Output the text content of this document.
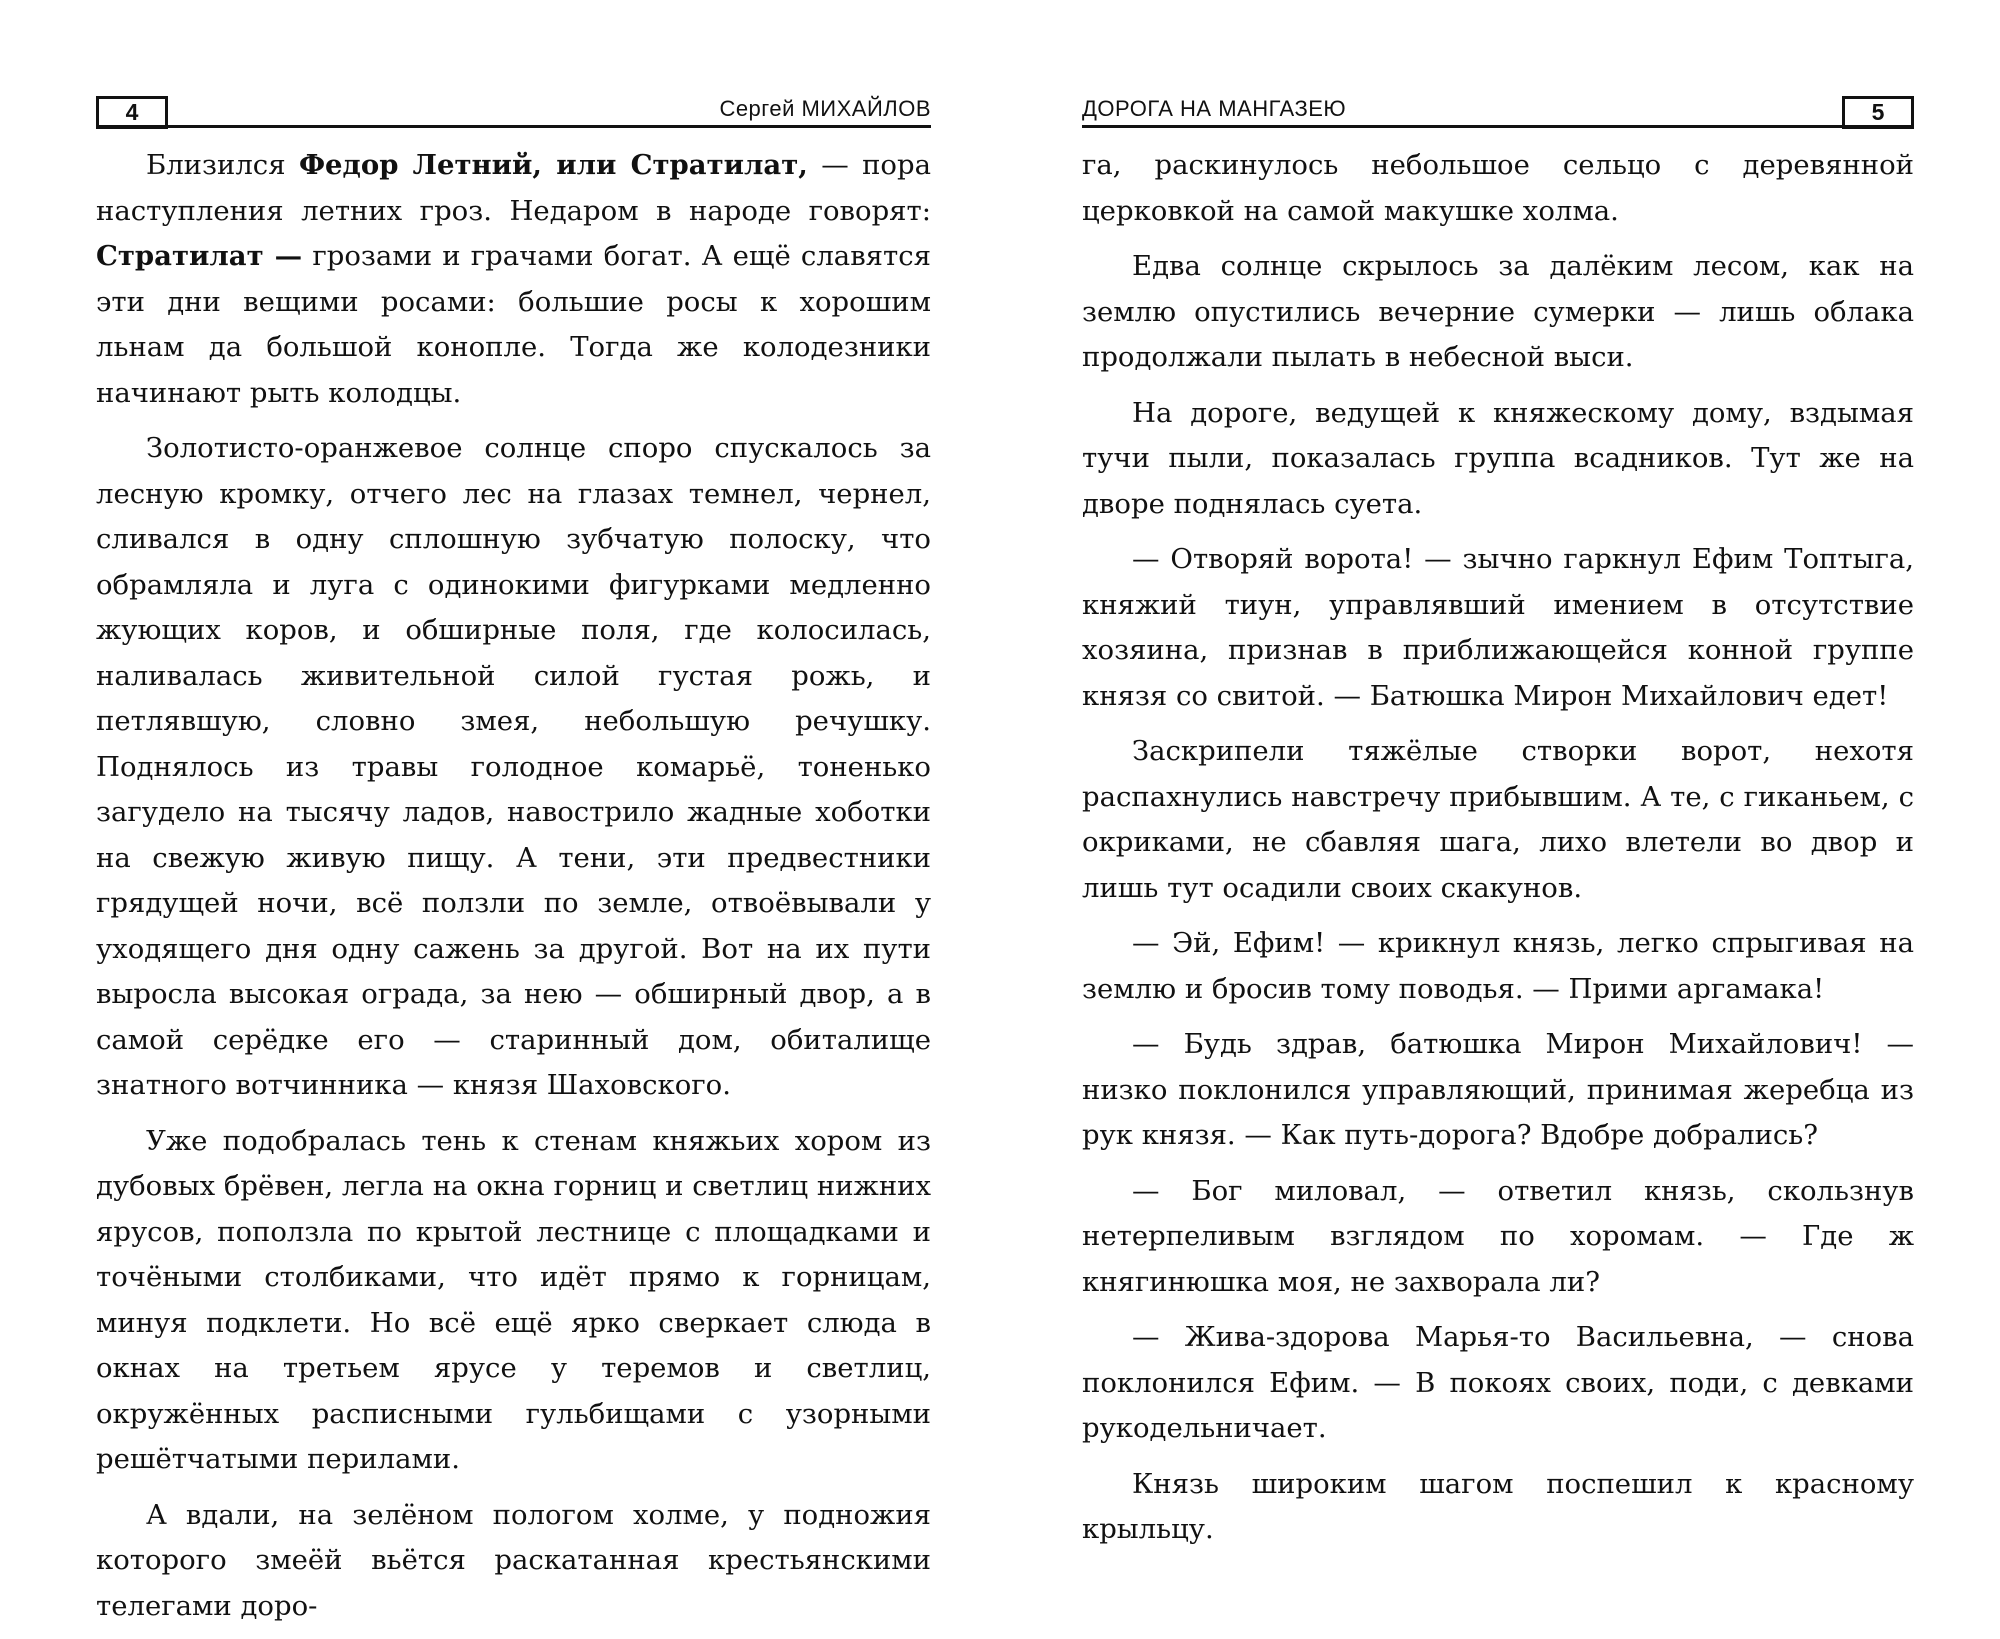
4	Сергей МИХАЙЛОВ

Близился Федор Летний, или Стратилат, — пора наступления летних гроз. Недаром в народе говорят: Стратилат — грозами и грачами богат. А ещё славятся эти дни вещими росами: большие росы к хорошим льнам да большой конопле. Тогда же колодезники начинают рыть колодцы.

Золотисто-оранжевое солнце споро спускалось за лесную кромку, отчего лес на глазах темнел, чернел, сливался в одну сплошную зубчатую полоску, что обрамляла и луга с одинокими фигурками медленно жующих коров, и обширные поля, где колосилась, наливалась живительной силой густая рожь, и петлявшую, словно змея, небольшую речушку. Поднялось из травы голодное комарьё, тоненько загудело на тысячу ладов, навострило жадные хоботки на свежую живую пищу. А тени, эти предвестники грядущей ночи, всё ползли по земле, отвоёвывали у уходящего дня одну сажень за другой. Вот на их пути выросла высокая ограда, за нею — обширный двор, а в самой серёдке его — старинный дом, обиталище знатного вотчинника — князя Шаховского.

Уже подобралась тень к стенам княжьих хором из дубовых брёвен, легла на окна горниц и светлиц нижних ярусов, поползла по крытой лестнице с площадками и точёными столбиками, что идёт прямо к горницам, минуя подклети. Но всё ещё ярко сверкает слюда в окнах на третьем ярусе у теремов и светлиц, окружённых расписными гульбищами с узорными решётчатыми перилами.

А вдали, на зелёном пологом холме, у подножия которого змеёй вьётся раскатанная крестьянскими телегами доро-

ДОРОГА НА МАНГАЗЕЮ	5

га, раскинулось небольшое сельцо с деревянной церковкой на самой макушке холма.

Едва солнце скрылось за далёким лесом, как на землю опустились вечерние сумерки — лишь облака продолжали пылать в небесной выси.

На дороге, ведущей к княжескому дому, вздымая тучи пыли, показалась группа всадников. Тут же на дворе поднялась суета.

— Отворяй ворота! — зычно гаркнул Ефим Топтыга, княжий тиун, управлявший имением в отсутствие хозяина, признав в приближающейся конной группе князя со свитой. — Батюшка Мирон Михайлович едет!

Заскрипели тяжёлые створки ворот, нехотя распахнулись навстречу прибывшим. А те, с гиканьем, с окриками, не сбавляя шага, лихо влетели во двор и лишь тут осадили своих скакунов.

— Эй, Ефим! — крикнул князь, легко спрыгивая на землю и бросив тому поводья. — Прими аргамака!

— Будь здрав, батюшка Мирон Михайлович! — низко поклонился управляющий, принимая жеребца из рук князя. — Как путь-дорога? Вдобре добрались?

— Бог миловал, — ответил князь, скользнув нетерпеливым взглядом по хоромам. — Где ж княгинюшка моя, не захворала ли?

— Жива-здорова Марья-то Васильевна, — снова поклонился Ефим. — В покоях своих, поди, с девками рукодельничает.

Князь широким шагом поспешил к красному крыльцу.
